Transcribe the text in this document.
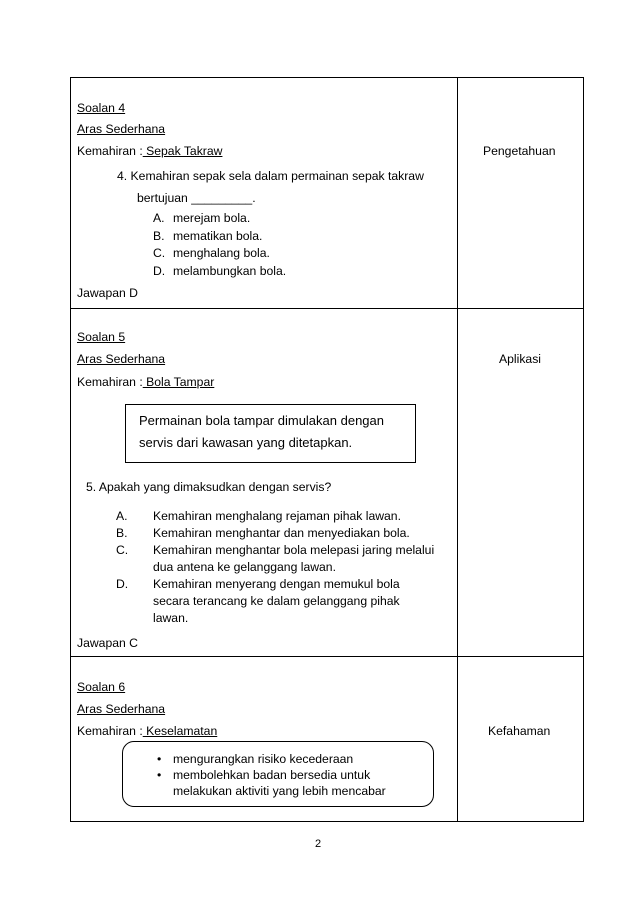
Soalan 4
Aras Sederhana
Kemahiran : Sepak Takraw	Pengetahuan
4. Kemahiran sepak sela dalam permainan sepak takraw
bertujuan _________.
A. merejam bola.
B. mematikan bola.
C. menghalang bola.
D. melambungkan bola.
Jawapan D
Soalan 5
Aras Sederhana	Aplikasi
Kemahiran : Bola Tampar
Permainan bola tampar dimulakan dengan
servis dari kawasan yang ditetapkan.
5. Apakah yang dimaksudkan dengan servis?
A. Kemahiran menghalang rejaman pihak lawan.
B. Kemahiran menghantar dan menyediakan bola.
C. Kemahiran menghantar bola melepasi jaring melalui
dua antena ke gelanggang lawan.
D. Kemahiran menyerang dengan memukul bola
secara terancang ke dalam gelanggang pihak
lawan.
Jawapan C
Soalan 6
Aras Sederhana
Kemahiran : Keselamatan	Kefahaman
• mengurangkan risiko kecederaan
• membolehkan badan bersedia untuk
melakukan aktiviti yang lebih mencabar
2
